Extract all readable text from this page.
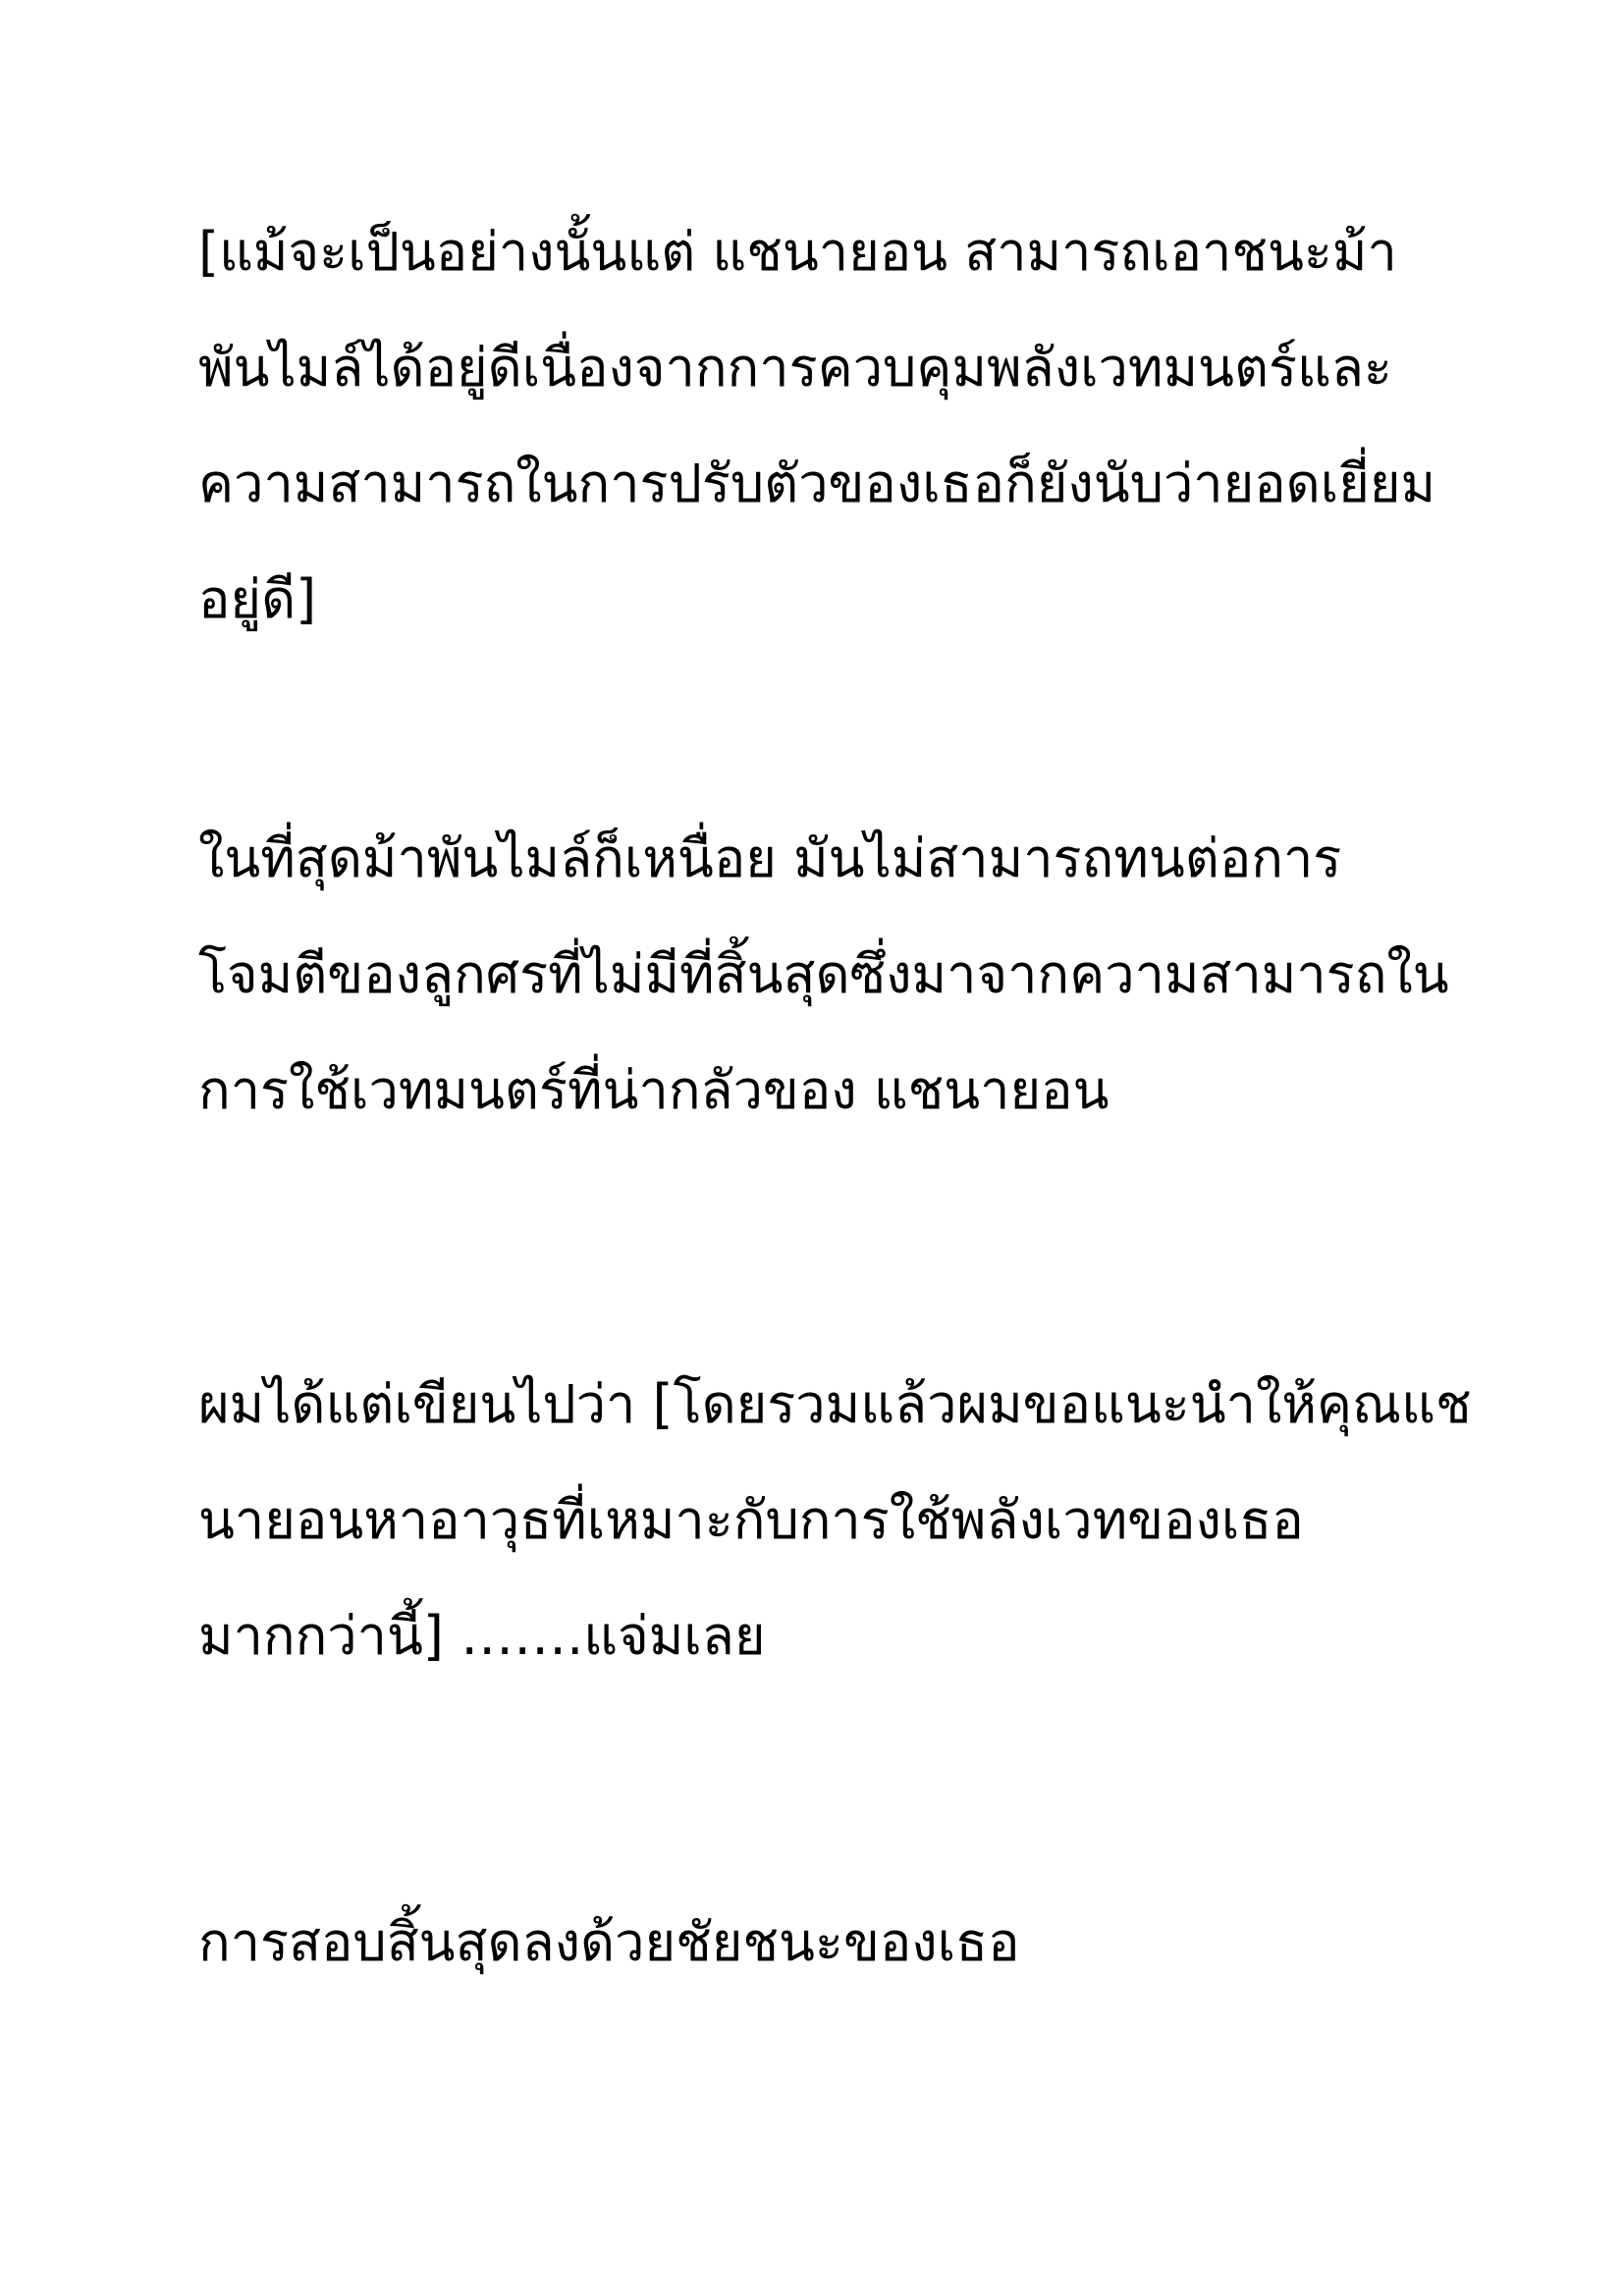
[แม้จะเป็นอย่างนั้นแต่ แชนายอน สามารถเอาชนะม้า
พันไมล์ได้อยู่ดีเนื่องจากการควบคุมพลังเวทมนตร์และ
ความสามารถในการปรับตัวของเธอก็ยังนับว่ายอดเยี่ยม
อยู่ดี]
ในที่สุดม้าพันไมล์ก็เหนื่อย มันไม่สามารถทนต่อการ
โจมตีของลูกศรที่ไม่มีที่สิ้นสุดซึ่งมาจากความสามารถใน
การใช้เวทมนตร์ที่น่ากลัวของ แชนายอน
ผมได้แต่เขียนไปว่า [โดยรวมแล้วผมขอแนะนำให้คุณแช
นายอนหาอาวุธที่เหมาะกับการใช้พลังเวทของเธอ
มากกว่านี้] …….แจ่มเลย
การสอบสิ้นสุดลงด้วยชัยชนะของเธอ
